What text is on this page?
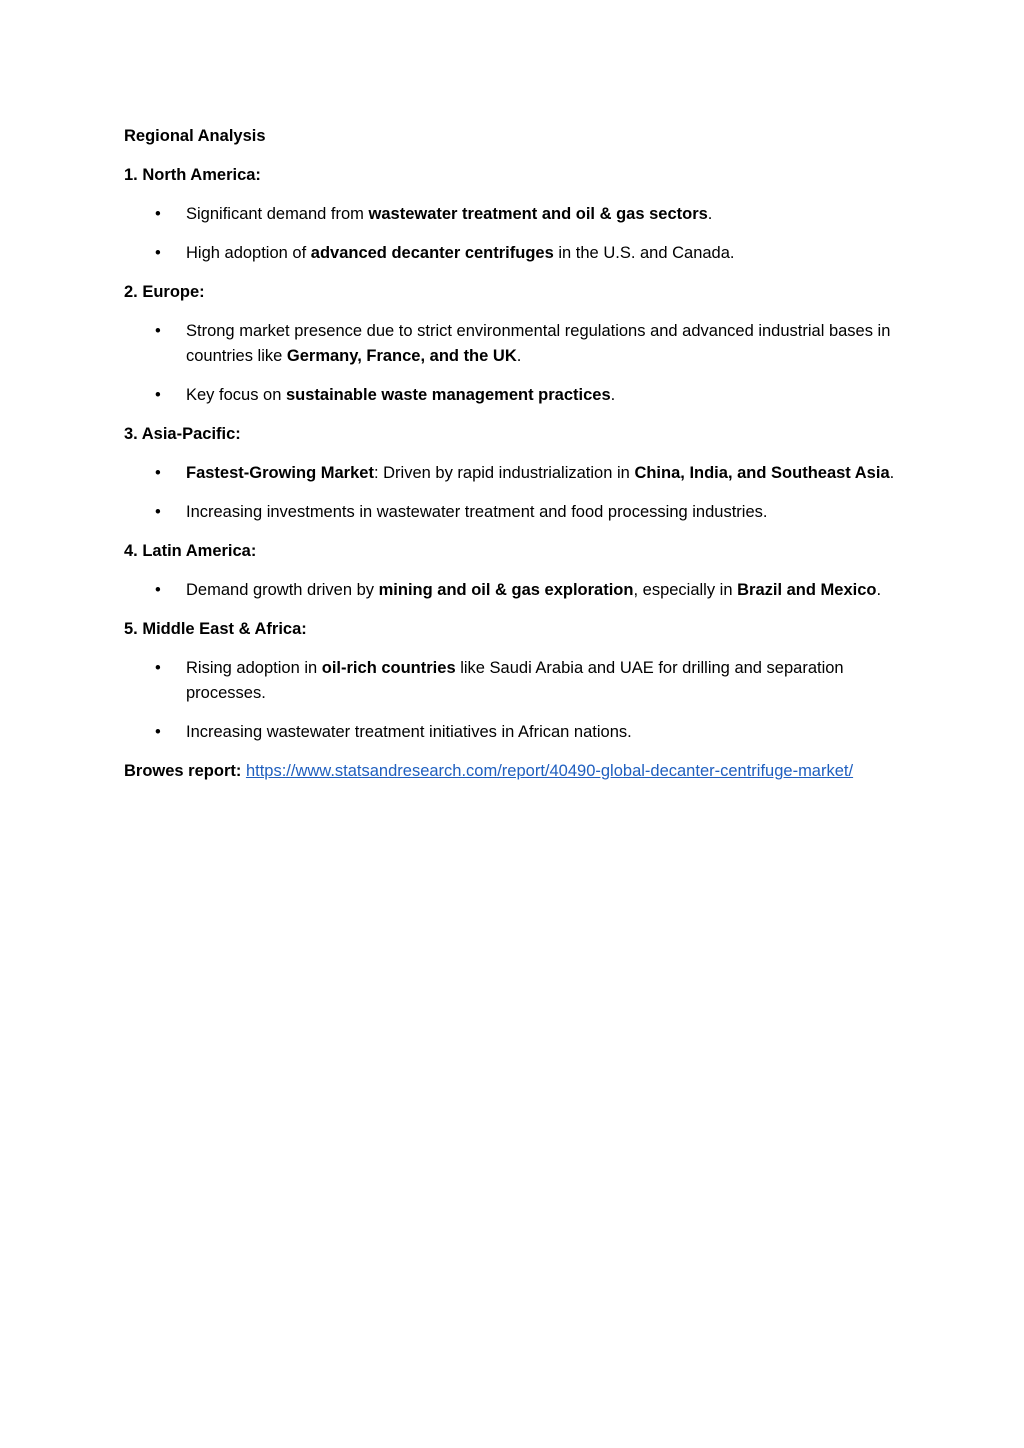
Regional Analysis
1. North America:
• Significant demand from wastewater treatment and oil & gas sectors.
• High adoption of advanced decanter centrifuges in the U.S. and Canada.
2. Europe:
• Strong market presence due to strict environmental regulations and advanced industrial bases in countries like Germany, France, and the UK.
• Key focus on sustainable waste management practices.
3. Asia-Pacific:
• Fastest-Growing Market: Driven by rapid industrialization in China, India, and Southeast Asia.
• Increasing investments in wastewater treatment and food processing industries.
4. Latin America:
• Demand growth driven by mining and oil & gas exploration, especially in Brazil and Mexico.
5. Middle East & Africa:
• Rising adoption in oil-rich countries like Saudi Arabia and UAE for drilling and separation processes.
• Increasing wastewater treatment initiatives in African nations.

Browes report: https://www.statsandresearch.com/report/40490-global-decanter-centrifuge-market/
